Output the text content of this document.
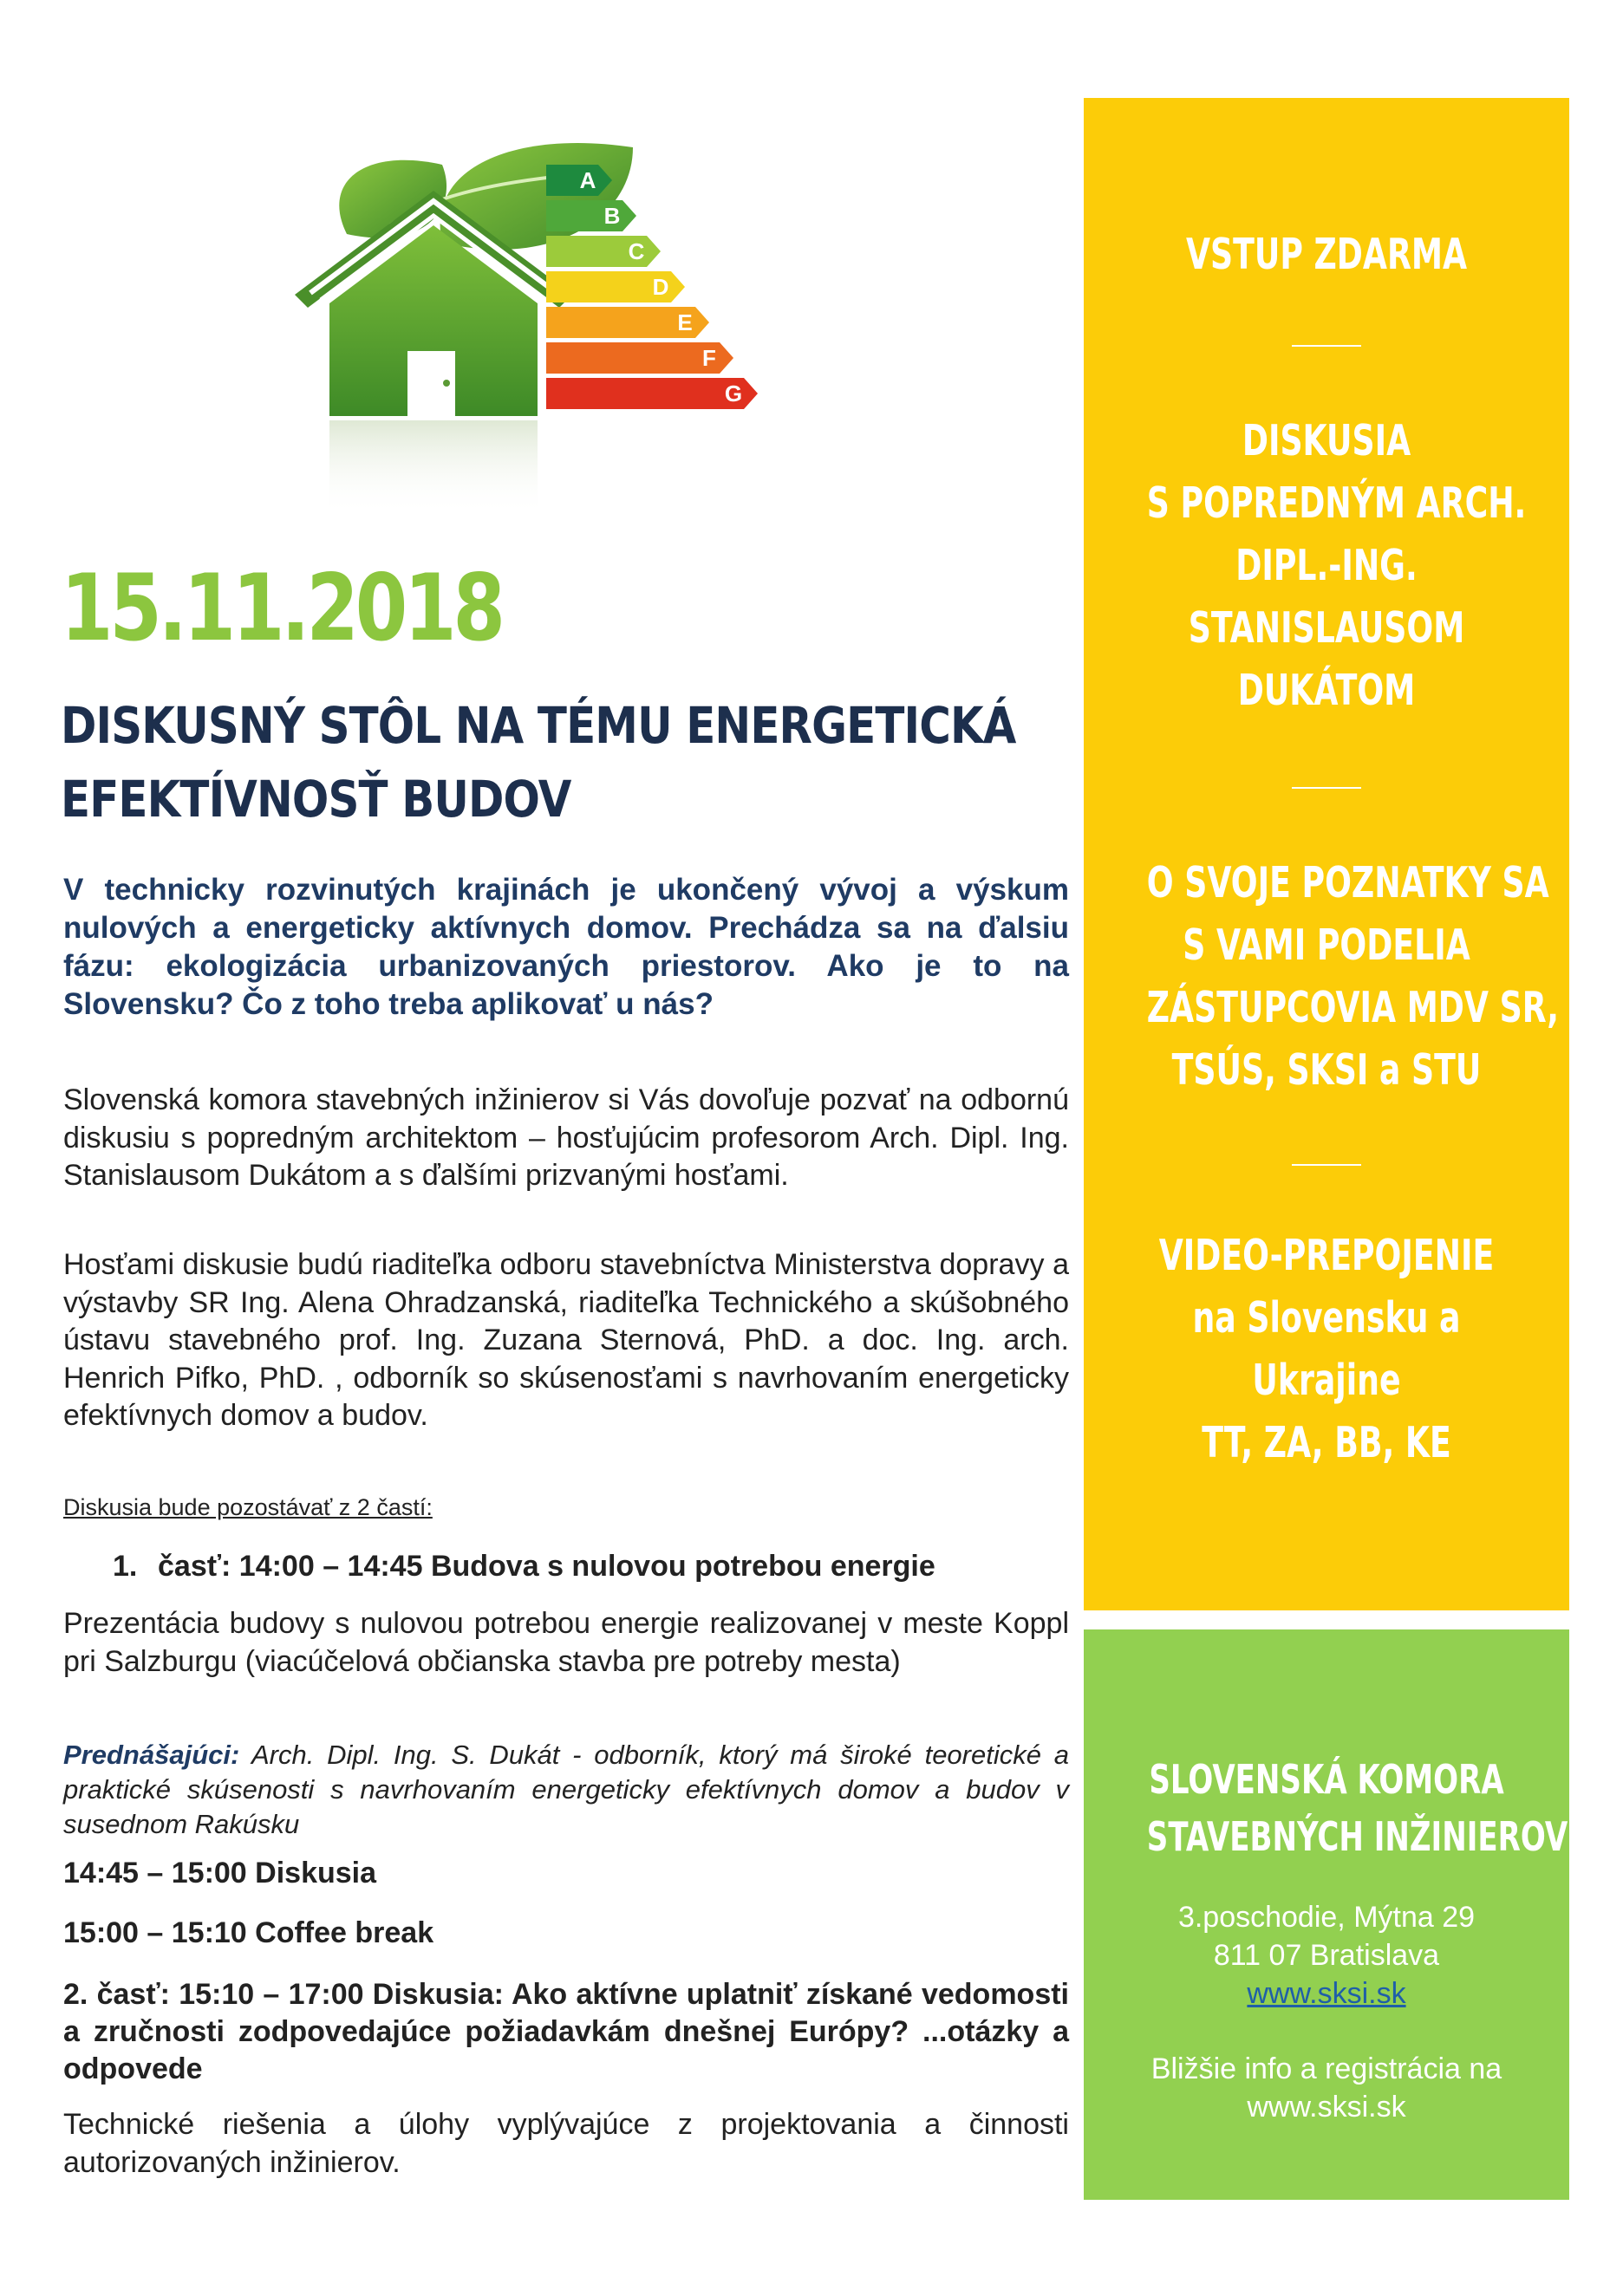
A
B
C
D
E
F
G
15.11.2018
DISKUSNÝ STÔL NA TÉMU ENERGETICKÁ
EFEKTÍVNOSŤ BUDOV
V technicky rozvinutých krajinách je ukončený vývoj a výskum nulových a energeticky aktívnych domov. Prechádza sa na ďalsiu fázu: ekologizácia urbanizovaných priestorov. Ako je to na Slovensku? Čo z toho treba aplikovať u nás?
Slovenská komora stavebných inžinierov si Vás dovoľuje pozvať na odbornú diskusiu s popredným architektom – hosťujúcim profesorom Arch. Dipl. Ing. Stanislausom Dukátom a s ďalšími prizvanými hosťami.
Hosťami diskusie budú riaditeľka odboru stavebníctva Ministerstva dopravy a výstavby SR Ing. Alena Ohradzanská, riaditeľka Technického a skúšobného ústavu stavebného prof. Ing. Zuzana Sternová, PhD. a doc. Ing. arch. Henrich Pifko, PhD. , odborník so skúsenosťami s navrhovaním energeticky efektívnych domov a budov.
Diskusia bude pozostávať z 2 častí:
1. časť: 14:00 – 14:45 Budova s nulovou potrebou energie
Prezentácia budovy s nulovou potrebou energie realizovanej v meste Koppl pri Salzburgu (viacúčelová občianska stavba pre potreby mesta)
Prednášajúci: Arch. Dipl. Ing. S. Dukát - odborník, ktorý má široké teoretické a praktické skúsenosti s navrhovaním energeticky efektívnych domov a budov v susednom Rakúsku
14:45 – 15:00 Diskusia
15:00 – 15:10 Coffee break
2. časť: 15:10 – 17:00 Diskusia: Ako aktívne uplatniť získané vedomosti a zručnosti zodpovedajúce požiadavkám dnešnej Európy? ...otázky a odpovede
Technické riešenia a úlohy vyplývajúce z projektovania a činnosti autorizovaných inžinierov.
VSTUP ZDARMA
DISKUSIA
S POPREDNÝM ARCH.
DIPL.-ING.
STANISLAUSOM
DUKÁTOM
O SVOJE POZNATKY SA
S VAMI PODELIA
ZÁSTUPCOVIA MDV SR,
TSÚS, SKSI a STU
VIDEO-PREPOJENIE
na Slovensku a
Ukrajine
TT, ZA, BB, KE
SLOVENSKÁ KOMORA
STAVEBNÝCH INŽINIEROV
3.poschodie, Mýtna 29
811 07 Bratislava
www.sksi.sk
Bližšie info a registrácia na
www.sksi.sk
